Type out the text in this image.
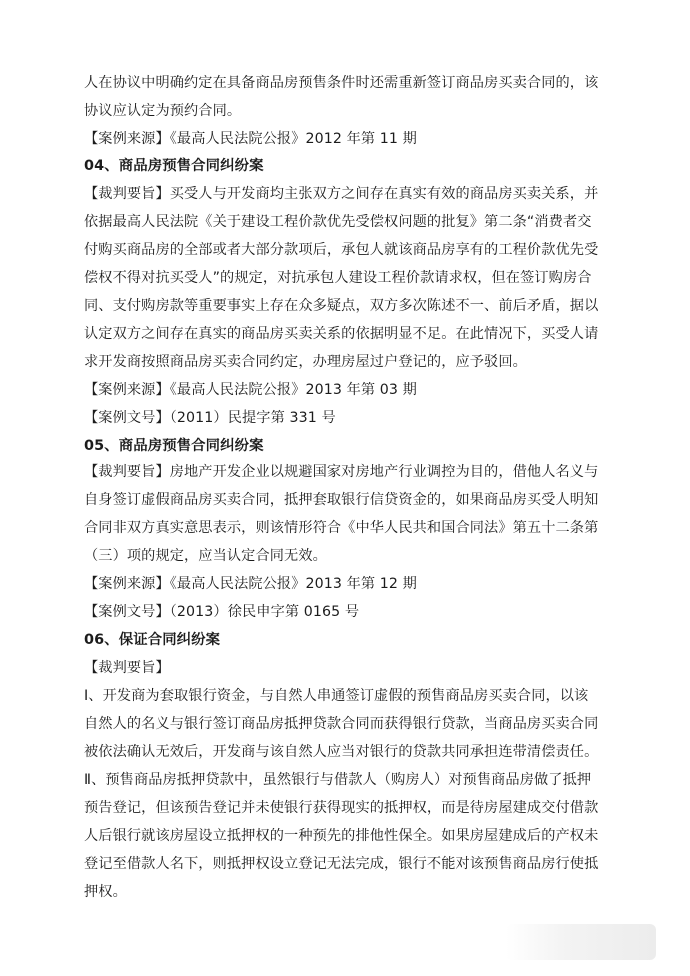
人在协议中明确约定在具备商品房预售条件时还需重新签订商品房买卖合同的，该
协议应认定为预约合同。
【案例来源】《最高人民法院公报》2012 年第 11 期
04、商品房预售合同纠纷案
【裁判要旨】买受人与开发商均主张双方之间存在真实有效的商品房买卖关系，并
依据最高人民法院《关于建设工程价款优先受偿权问题的批复》第二条“消费者交
付购买商品房的全部或者大部分款项后，承包人就该商品房享有的工程价款优先受
偿权不得对抗买受人”的规定，对抗承包人建设工程价款请求权，但在签订购房合
同、支付购房款等重要事实上存在众多疑点，双方多次陈述不一、前后矛盾，据以
认定双方之间存在真实的商品房买卖关系的依据明显不足。在此情况下，买受人请
求开发商按照商品房买卖合同约定，办理房屋过户登记的，应予驳回。
【案例来源】《最高人民法院公报》2013 年第 03 期
【案例文号】（2011）民提字第 331 号
05、商品房预售合同纠纷案
【裁判要旨】房地产开发企业以规避国家对房地产行业调控为目的，借他人名义与
自身签订虚假商品房买卖合同，抵押套取银行信贷资金的，如果商品房买受人明知
合同非双方真实意思表示，则该情形符合《中华人民共和国合同法》第五十二条第
（三）项的规定，应当认定合同无效。
【案例来源】《最高人民法院公报》2013 年第 12 期
【案例文号】（2013）徐民申字第 0165 号
06、保证合同纠纷案
【裁判要旨】
Ⅰ、开发商为套取银行资金，与自然人串通签订虚假的预售商品房买卖合同，以该
自然人的名义与银行签订商品房抵押贷款合同而获得银行贷款，当商品房买卖合同
被依法确认无效后，开发商与该自然人应当对银行的贷款共同承担连带清偿责任。
Ⅱ、预售商品房抵押贷款中，虽然银行与借款人（购房人）对预售商品房做了抵押
预告登记，但该预告登记并未使银行获得现实的抵押权，而是待房屋建成交付借款
人后银行就该房屋设立抵押权的一种预先的排他性保全。如果房屋建成后的产权未
登记至借款人名下，则抵押权设立登记无法完成，银行不能对该预售商品房行使抵
押权。
